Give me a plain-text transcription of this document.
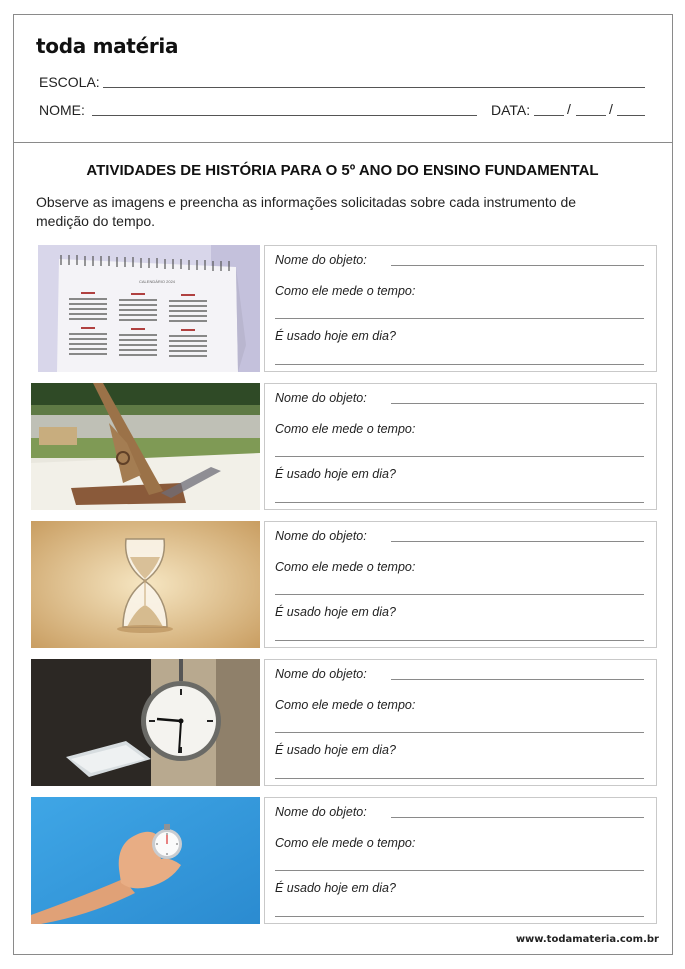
toda matéria
ESCOLA:
NOME:	DATA:	/	/
ATIVIDADES DE HISTÓRIA PARA O 5º ANO DO ENSINO FUNDAMENTAL
Observe as imagens e preencha as informações solicitadas sobre cada instrumento de medição do tempo.
CALENDÁRIO 2024
Nome do objeto:
Como ele mede o tempo:
É usado hoje em dia?
Nome do objeto:
Como ele mede o tempo:
É usado hoje em dia?
Nome do objeto:
Como ele mede o tempo:
É usado hoje em dia?
Nome do objeto:
Como ele mede o tempo:
É usado hoje em dia?
Nome do objeto:
Como ele mede o tempo:
É usado hoje em dia?
www.todamateria.com.br
